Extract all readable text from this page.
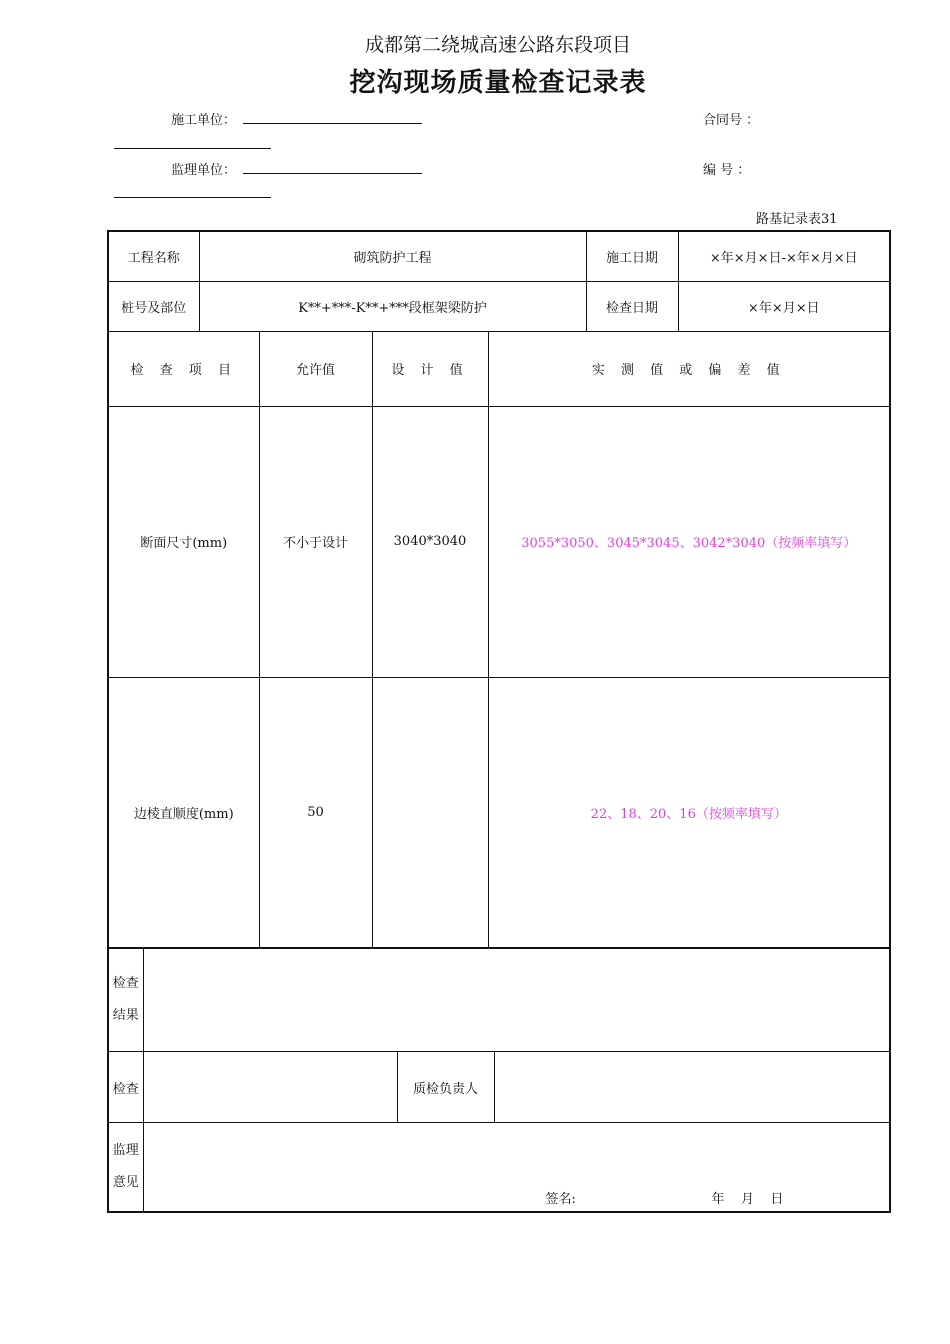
成都第二绕城高速公路东段项目
挖沟现场质量检查记录表
施工单位：	合同号 ：
监理单位：	编 号 ：
路基记录表31
工程名称	砌筑防护工程				施工日期	×年×月×日-×年×月×日
桩号及部位	K**+***-K**+***段框架梁防护				检查日期	×年×月×日
检 查 项 目		允许值	设 计 值	实 测 值 或 偏 差 值		
断面尺寸(mm)		不小于设计	3040*3040	3055*3050、3045*3045、3042*3040（按频率填写）		
边棱直顺度(mm)		50		22、18、20、16（按频率填写）		
检查
结果

检查		质检负责人	
监理
意见

签名:	年    月    日
